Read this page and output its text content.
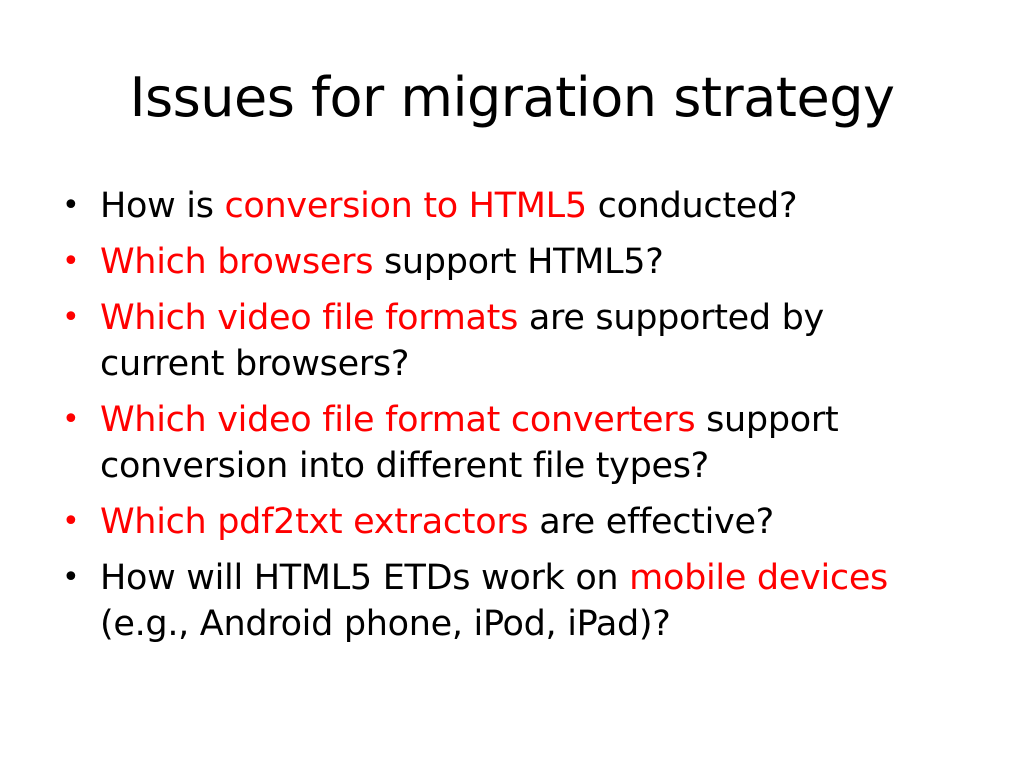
Issues for migration strategy
• How is conversion to HTML5 conducted?
• Which browsers support HTML5?
• Which video file formats are supported by current browsers?
• Which video file format converters support conversion into different file types?
• Which pdf2txt extractors are effective?
• How will HTML5 ETDs work on mobile devices (e.g., Android phone, iPod, iPad)?
